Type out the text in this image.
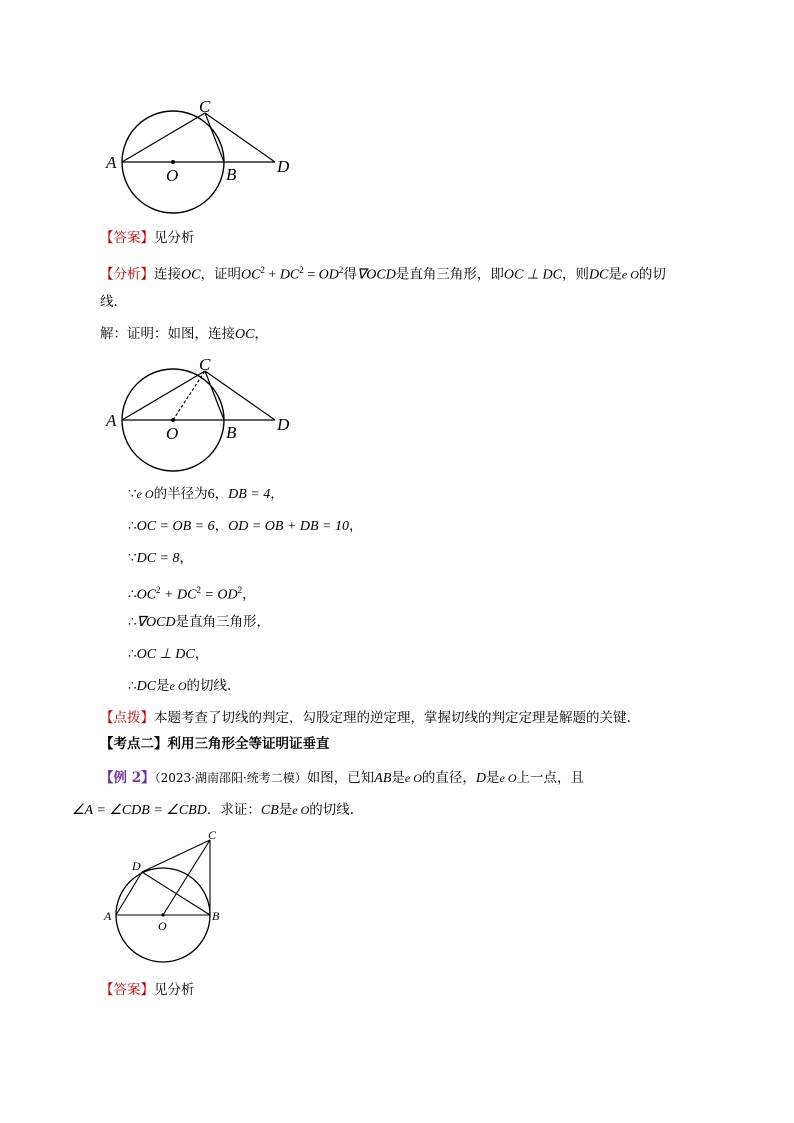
A
C
O	B D
【答案】见分析
【分析】连接OC，证明$OC^2 + DC^2 = OD^2$得∇OCD是直角三角形，即OC ⊥ DC，则DC是e O的切
线.
解：证明：如图，连接OC，
A
C
O	B D
∵e O的半径为6，DB = 4，
∴OC = OB = 6，OD = OB + DB = 10，
∵DC = 8，
$\therefore OC^2 + DC^2 = OD^2$，
∴∇OCD是直角三角形，
∴OC ⊥ DC，
∴DC是e O的切线.
【点拨】本题考查了切线的判定，勾股定理的逆定理，掌握切线的判定定理是解题的关键.
【考点二】利用三角形全等证明证垂直
【例 2】（2023·湖南邵阳·统考二模）如图，已知AB是e O的直径，D是e O上一点，且
∠A = ∠CDB = ∠CBD．求证：CB是e O的切线.
A
D
C
B
O
【答案】见分析
